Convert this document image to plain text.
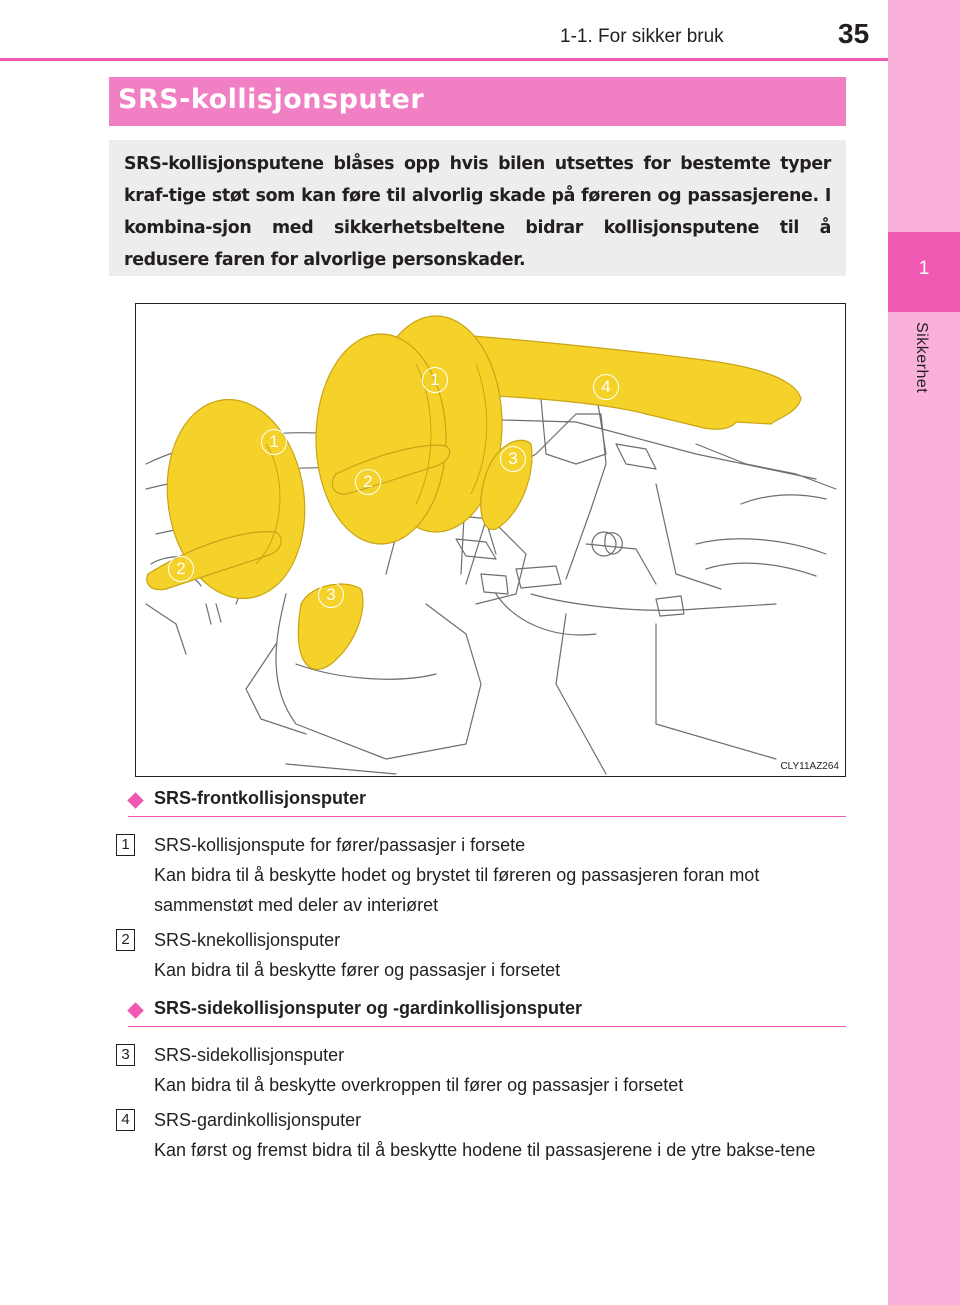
1
Sikkerhet
1-1. For sikker bruk	35
SRS-kollisjonsputer
SRS-kollisjonsputene blåses opp hvis bilen utsettes for bestemte typer kraf-tige støt som kan føre til alvorlig skade på føreren og passasjerene. I kombina-sjon med sikkerhetsbeltene bidrar kollisjonsputene til å redusere faren for alvorlige personskader.
1
1
2
2
3
3
4
CLY11AZ264
SRS-frontkollisjonsputer
1 SRS-kollisjonspute for fører/passasjer i forsete
Kan bidra til å beskytte hodet og brystet til føreren og passasjeren foran mot sammenstøt med deler av interiøret
2 SRS-knekollisjonsputer
Kan bidra til å beskytte fører og passasjer i forsetet
SRS-sidekollisjonsputer og -gardinkollisjonsputer
3 SRS-sidekollisjonsputer
Kan bidra til å beskytte overkroppen til fører og passasjer i forsetet
4 SRS-gardinkollisjonsputer
Kan først og fremst bidra til å beskytte hodene til passasjerene i de ytre bakse-tene
